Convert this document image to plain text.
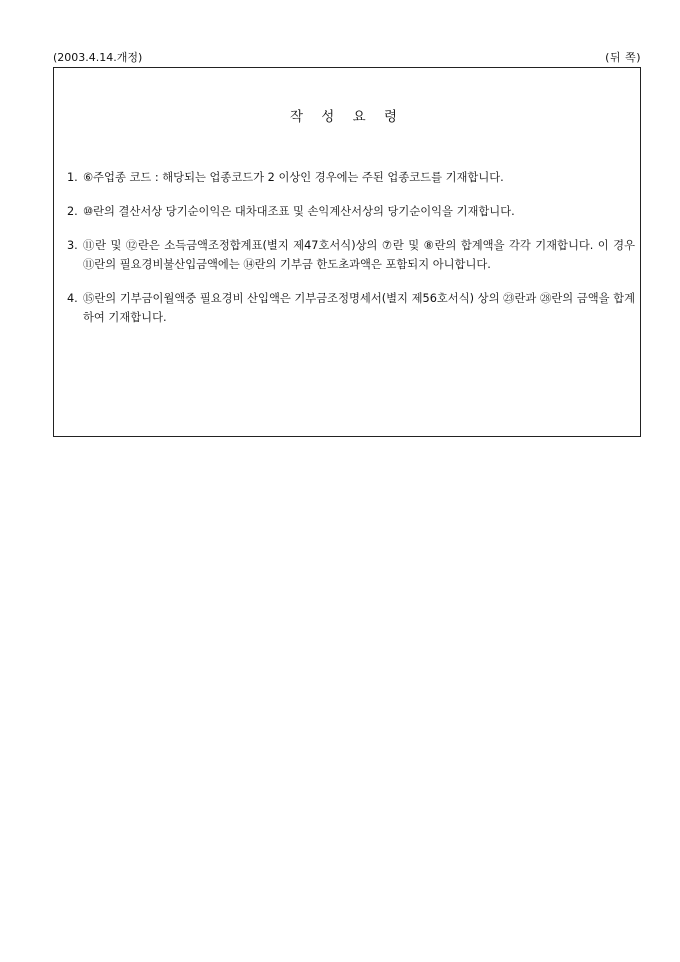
(2003.4.14.개정)	(뒤 쪽)
작 성 요 령
1. ⑥주업종 코드 : 해당되는 업종코드가 2 이상인 경우에는 주된 업종코드를 기재합니다.
2. ⑩란의 결산서상 당기순이익은 대차대조표 및 손익계산서상의 당기순이익을 기재합니다.
3. ⑪란 및 ⑫란은 소득금액조정합계표(별지 제47호서식)상의 ⑦란 및 ⑧란의 합계액을 각각 기재합니다. 이 경우 ⑪란의 필요경비불산입금액에는 ⑭란의 기부금 한도초과액은 포함되지 아니합니다.
4. ⑮란의 기부금이월액중 필요경비 산입액은 기부금조정명세서(별지 제56호서식) 상의 ㉓란과 ㉘란의 금액을 합계하여 기재합니다.
